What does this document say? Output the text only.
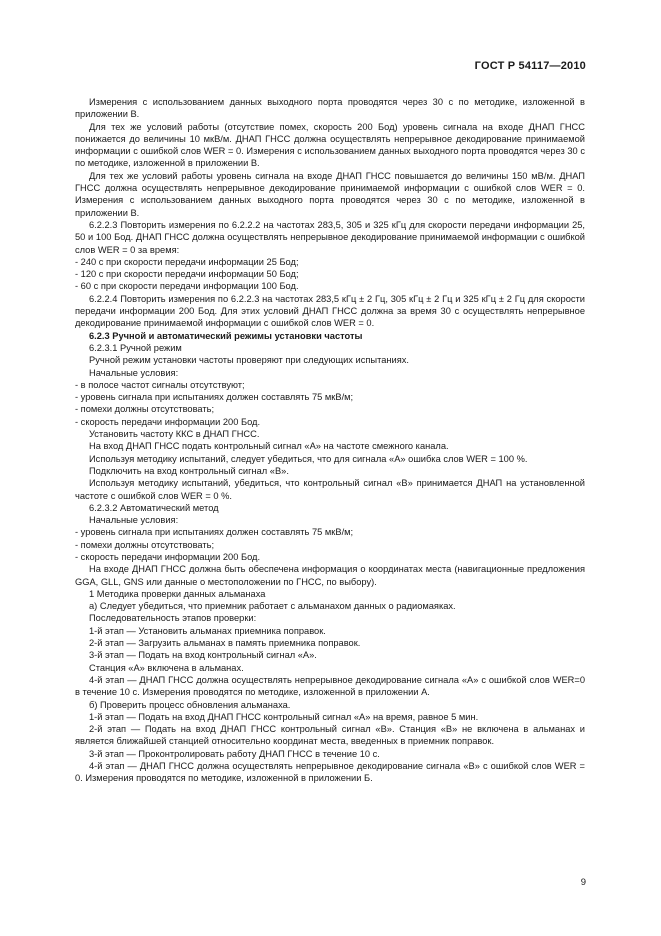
ГОСТ Р 54117—2010

Измерения с использованием данных выходного порта проводятся через 30 с по методике, изложенной в приложении В.

Для тех же условий работы (отсутствие помех, скорость 200 Бод) уровень сигнала на входе ДНАП ГНСС понижается до величины 10 мкВ/м. ДНАП ГНСС должна осуществлять непрерывное декодирование принимаемой информации с ошибкой слов WER = 0. Измерения с использованием данных выходного порта проводятся через 30 с по методике, изложенной в приложении В.

Для тех же условий работы уровень сигнала на входе ДНАП ГНСС повышается до величины 150 мВ/м. ДНАП ГНСС должна осуществлять непрерывное декодирование принимаемой информации с ошибкой слов WER = 0. Измерения с использованием данных выходного порта проводятся через 30 с по методике, изложенной в приложении В.

6.2.2.3 Повторить измерения по 6.2.2.2 на частотах 283,5, 305 и 325 кГц для скорости передачи информации 25, 50 и 100 Бод. ДНАП ГНСС должна осуществлять непрерывное декодирование принимаемой информации с ошибкой слов WER = 0 за время:

- 240 с при скорости передачи информации 25 Бод;

- 120 с при скорости передачи информации 50 Бод;

- 60 с при скорости передачи информации 100 Бод.

6.2.2.4 Повторить измерения по 6.2.2.3 на частотах 283,5 кГц ± 2 Гц, 305 кГц ± 2 Гц и 325 кГц ± 2 Гц для скорости передачи информации 200 Бод. Для этих условий ДНАП ГНСС должна за время 30 с осуществлять непрерывное декодирование принимаемой информации с ошибкой слов WER = 0.

6.2.3 Ручной и автоматический режимы установки частоты

6.2.3.1 Ручной режим

Ручной режим установки частоты проверяют при следующих испытаниях.

Начальные условия:

- в полосе частот сигналы отсутствуют;

- уровень сигнала при испытаниях должен составлять 75 мкВ/м;

- помехи должны отсутствовать;

- скорость передачи информации 200 Бод.

Установить частоту ККС в ДНАП ГНСС.

На вход ДНАП ГНСС подать контрольный сигнал «А» на частоте смежного канала.

Используя методику испытаний, следует убедиться, что для сигнала «А» ошибка слов WER = 100 %.

Подключить на вход контрольный сигнал «В».

Используя методику испытаний, убедиться, что контрольный сигнал «В» принимается ДНАП на установленной частоте с ошибкой слов WER = 0 %.

6.2.3.2 Автоматический метод

Начальные условия:

- уровень сигнала при испытаниях должен составлять 75 мкВ/м;

- помехи должны отсутствовать;

- скорость передачи информации 200 Бод.

На входе ДНАП ГНСС должна быть обеспечена информация о координатах места (навигационные предложения GGA, GLL, GNS или данные о местоположении по ГНСС, по выбору).

1 Методика проверки данных альманаха

а) Следует убедиться, что приемник работает с альманахом данных о радиомаяках.

Последовательность этапов проверки:

1-й этап — Установить альманах приемника поправок.

2-й этап — Загрузить альманах в память приемника поправок.

3-й этап — Подать на вход контрольный сигнал «А».

Станция «А» включена в альманах.

4-й этап — ДНАП ГНСС должна осуществлять непрерывное декодирование сигнала «А» с ошибкой слов WER=0 в течение 10 с. Измерения проводятся по методике, изложенной в приложении А.

б) Проверить процесс обновления альманаха.

1-й этап — Подать на вход ДНАП ГНСС контрольный сигнал «А» на время, равное 5 мин.

2-й этап — Подать на вход ДНАП ГНСС контрольный сигнал «В». Станция «В» не включена в альманах и является ближайшей станцией относительно координат места, введенных в приемник поправок.

3-й этап — Проконтролировать работу ДНАП ГНСС в течение 10 с.

4-й этап — ДНАП ГНСС должна осуществлять непрерывное декодирование сигнала «В» с ошибкой слов WER = 0. Измерения проводятся по методике, изложенной в приложении Б.

9
